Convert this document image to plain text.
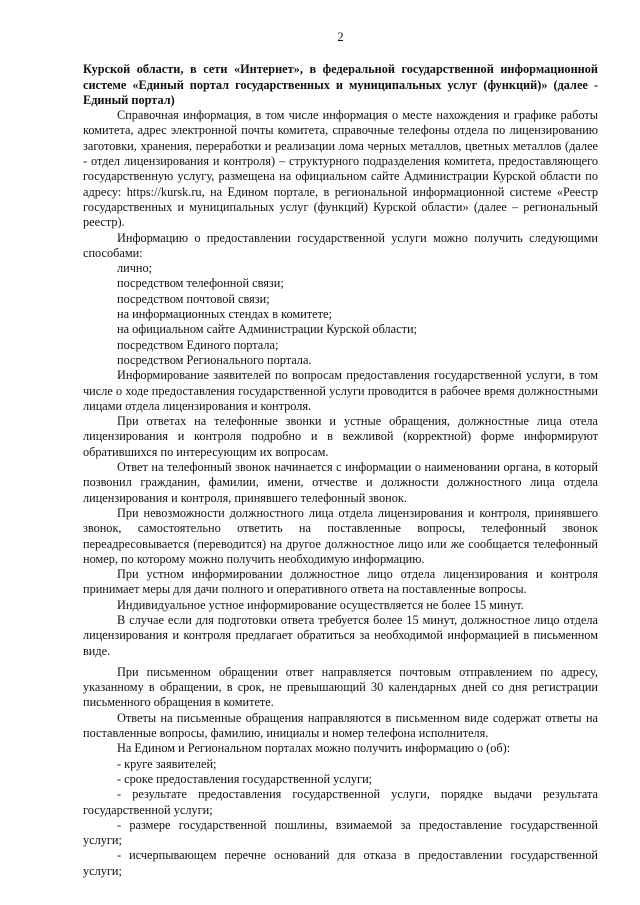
2
Курской области, в сети «Интернет», в федеральной государственной информационной системе «Единый портал государственных и муниципальных услуг (функций)» (далее - Единый портал)

Справочная информация, в том числе информация о месте нахождения и графике работы комитета, адрес электронной почты комитета, справочные телефоны отдела по лицензированию заготовки, хранения, переработки и реализации лома черных металлов, цветных металлов (далее - отдел лицензирования и контроля) – структурного подразделения комитета, предоставляющего государственную услугу, размещена на официальном сайте Администрации Курской области по адресу: https://kursk.ru, на Едином портале, в региональной информационной системе «Реестр государственных и муниципальных услуг (функций) Курской области» (далее – региональный реестр).

Информацию о предоставлении государственной услуги можно получить следующими способами:

лично;

посредством телефонной связи;

посредством почтовой связи;

на информационных стендах в комитете;

на официальном сайте Администрации Курской области;

посредством Единого портала;

посредством Регионального портала.

Информирование заявителей по вопросам предоставления государственной услуги, в том числе о ходе предоставления государственной услуги проводится в рабочее время должностными лицами отдела лицензирования и контроля.

При ответах на телефонные звонки и устные обращения, должностные лица отела лицензирования и контроля подробно и в вежливой (корректной) форме информируют обратившихся по интересующим их вопросам.

Ответ на телефонный звонок начинается с информации о наименовании органа, в который позвонил гражданин, фамилии, имени, отчестве и должности должностного лица отдела лицензирования и контроля, принявшего телефонный звонок.

При невозможности должностного лица отдела лицензирования и контроля, принявшего звонок, самостоятельно ответить на поставленные вопросы, телефонный звонок переадресовывается (переводится) на другое должностное лицо или же сообщается телефонный номер, по которому можно получить необходимую информацию.

При устном информировании должностное лицо отдела лицензирования и контроля принимает меры для дачи полного и оперативного ответа на поставленные вопросы.

Индивидуальное устное информирование осуществляется не более 15 минут.

В случае если для подготовки ответа требуется более 15 минут, должностное лицо отдела лицензирования и контроля предлагает обратиться за необходимой информацией в письменном виде.

При письменном обращении ответ направляется почтовым отправлением по адресу, указанному в обращении, в срок, не превышающий 30 календарных дней со дня регистрации письменного обращения в комитете.

Ответы на письменные обращения направляются в письменном виде содержат ответы на поставленные вопросы, фамилию, инициалы и номер телефона исполнителя.

На Едином и Региональном порталах можно получить информацию о (об):

- круге заявителей;

- сроке предоставления государственной услуги;

- результате предоставления государственной услуги, порядке выдачи результата государственной услуги;

- размере государственной пошлины, взимаемой за предоставление государственной услуги;

- исчерпывающем перечне оснований для отказа в предоставлении государственной услуги;
